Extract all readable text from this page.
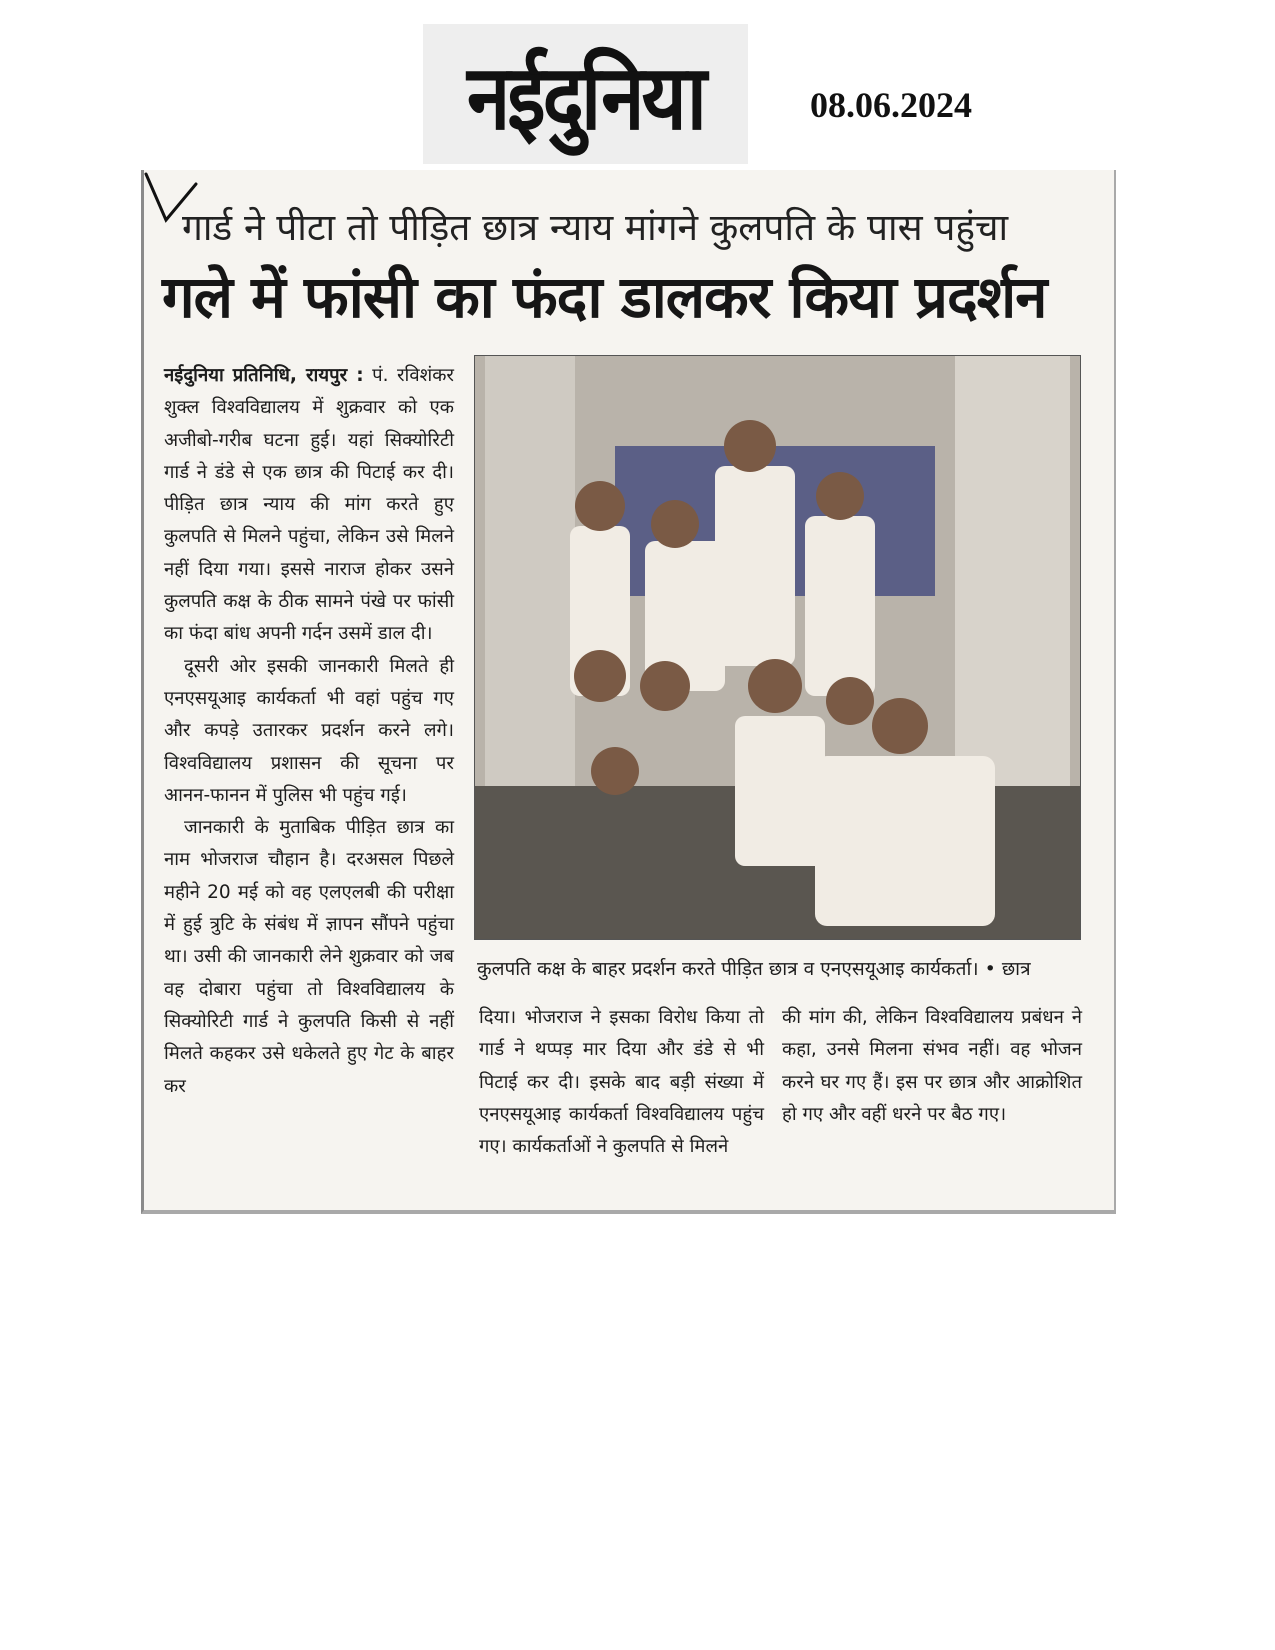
नईदुनिया	08.06.2024
गार्ड ने पीटा तो पीड़ित छात्र न्याय मांगने कुलपति के पास पहुंचा
गले में फांसी का फंदा डालकर किया प्रदर्शन

नईदुनिया प्रतिनिधि, रायपुर : पं. रविशंकर शुक्ल विश्वविद्यालय में शुक्रवार को एक अजीबो-गरीब घटना हुई। यहां सिक्योरिटी गार्ड ने डंडे से एक छात्र की पिटाई कर दी। पीड़ित छात्र न्याय की मांग करते हुए कुलपति से मिलने पहुंचा, लेकिन उसे मिलने नहीं दिया गया। इससे नाराज होकर उसने कुलपति कक्ष के ठीक सामने पंखे पर फांसी का फंदा बांध अपनी गर्दन उसमें डाल दी।

दूसरी ओर इसकी जानकारी मिलते ही एनएसयूआइ कार्यकर्ता भी वहां पहुंच गए और कपड़े उतारकर प्रदर्शन करने लगे। विश्वविद्यालय प्रशासन की सूचना पर आनन-फानन में पुलिस भी पहुंच गई।

जानकारी के मुताबिक पीड़ित छात्र का नाम भोजराज चौहान है। दरअसल पिछले महीने 20 मई को वह एलएलबी की परीक्षा में हुई त्रुटि के संबंध में ज्ञापन सौंपने पहुंचा था। उसी की जानकारी लेने शुक्रवार को जब वह दोबारा पहुंचा तो विश्वविद्यालय के सिक्योरिटी गार्ड ने कुलपति किसी से नहीं मिलते कहकर उसे धकेलते हुए गेट के बाहर कर

कुलपति कक्ष के बाहर प्रदर्शन करते पीड़ित छात्र व एनएसयूआइ कार्यकर्ता। • छात्र

दिया। भोजराज ने इसका विरोध किया तो गार्ड ने थप्पड़ मार दिया और डंडे से भी पिटाई कर दी। इसके बाद बड़ी संख्या में एनएसयूआइ कार्यकर्ता विश्वविद्यालय पहुंच गए। कार्यकर्ताओं ने कुलपति से मिलने

की मांग की, लेकिन विश्वविद्यालय प्रबंधन ने कहा, उनसे मिलना संभव नहीं। वह भोजन करने घर गए हैं। इस पर छात्र और आक्रोशित हो गए और वहीं धरने पर बैठ गए।
